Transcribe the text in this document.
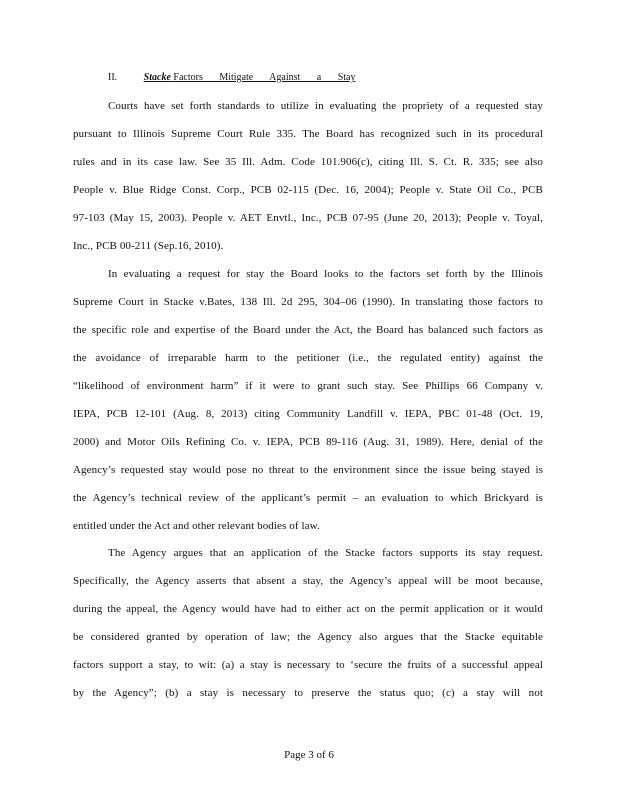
II.	Stacke Factors Mitigate Against a Stay
Courts have set forth standards to utilize in evaluating the propriety of a requested stay
pursuant to Illinois Supreme Court Rule 335. The Board has recognized such in its procedural
rules and in its case law. See 35 Ill. Adm. Code 101.906(c), citing Ill. S. Ct. R. 335; see also
People v. Blue Ridge Const. Corp., PCB 02-115 (Dec. 16, 2004); People v. State Oil Co., PCB
97-103 (May 15, 2003). People v. AET Envtl., Inc., PCB 07-95 (June 20, 2013); People v. Toyal,
Inc., PCB 00-211 (Sep.16, 2010).
In evaluating a request for stay the Board looks to the factors set forth by the Illinois
Supreme Court in Stacke v.Bates, 138 Ill. 2d 295, 304–06 (1990). In translating those factors to
the specific role and expertise of the Board under the Act, the Board has balanced such factors as
the avoidance of irreparable harm to the petitioner (i.e., the regulated entity) against the
“likelihood of environment harm” if it were to grant such stay. See Phillips 66 Company v.
IEPA, PCB 12-101 (Aug. 8, 2013) citing Community Landfill v. IEPA, PBC 01-48 (Oct. 19,
2000) and Motor Oils Refining Co. v. IEPA, PCB 89-116 (Aug. 31, 1989). Here, denial of the
Agency’s requested stay would pose no threat to the environment since the issue being stayed is
the Agency’s technical review of the applicant’s permit – an evaluation to which Brickyard is
entitled under the Act and other relevant bodies of law.
The Agency argues that an application of the Stacke factors supports its stay request.
Specifically, the Agency asserts that absent a stay, the Agency’s appeal will be moot because,
during the appeal, the Agency would have had to either act on the permit application or it would
be considered granted by operation of law; the Agency also argues that the Stacke equitable
factors support a stay, to wit: (a) a stay is necessary to ‘secure the fruits of a successful appeal
by the Agency”; (b) a stay is necessary to preserve the status quo; (c) a stay will not
Page 3 of 6
